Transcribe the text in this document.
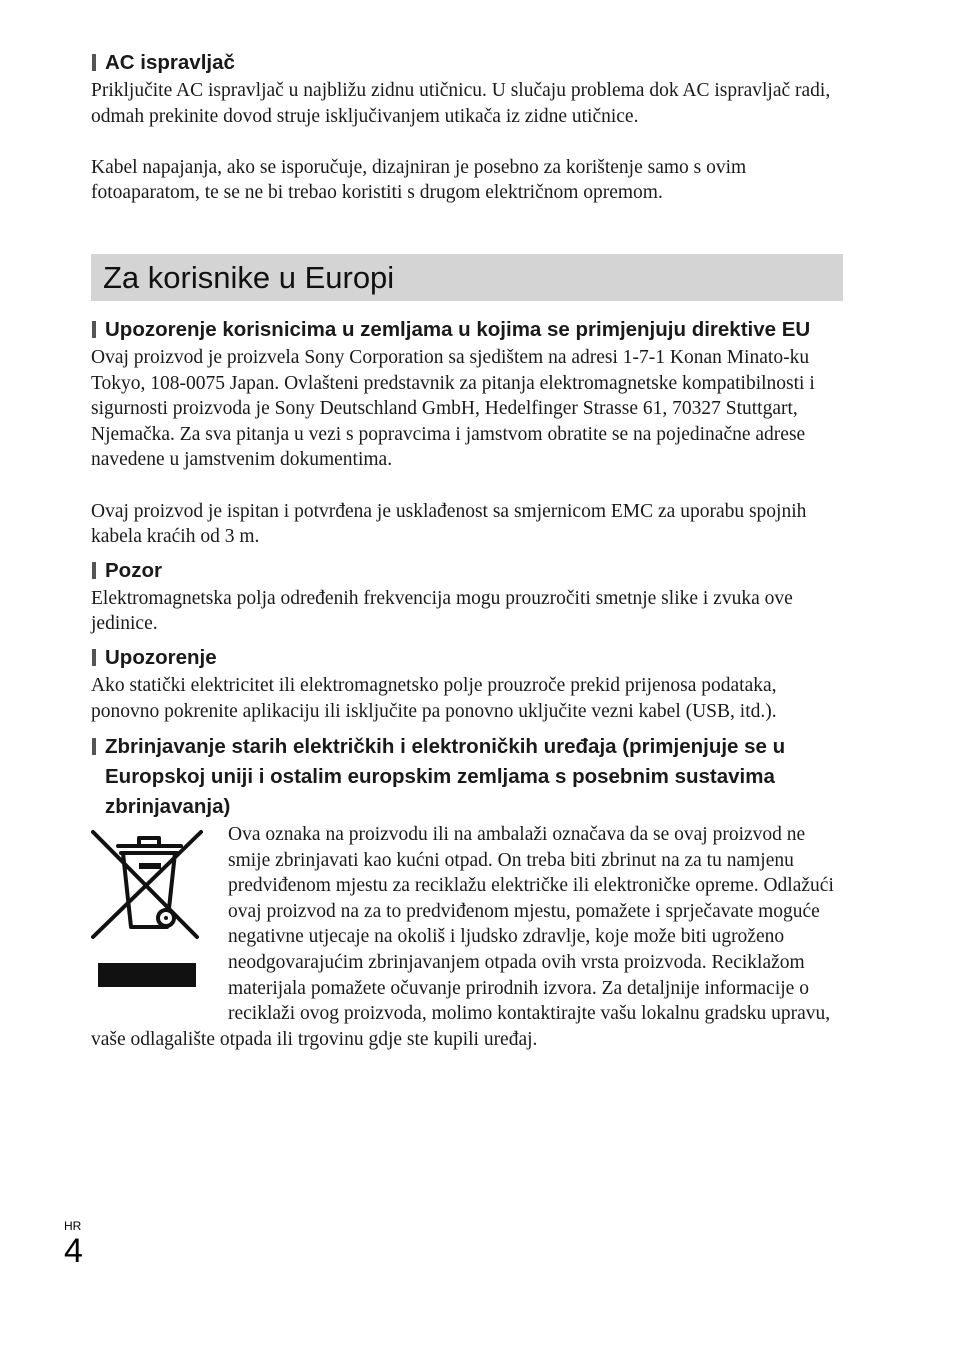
AC ispravljač

Priključite AC ispravljač u najbližu zidnu utičnicu. U slučaju problema dok AC ispravljač radi, odmah prekinite dovod struje isključivanjem utikača iz zidne utičnice.

Kabel napajanja, ako se isporučuje, dizajniran je posebno za korištenje samo s ovim fotoaparatom, te se ne bi trebao koristiti s drugom električnom opremom.

Za korisnike u Europi
Upozorenje korisnicima u zemljama u kojima se primjenjuju direktive EU

Ovaj proizvod je proizvela Sony Corporation sa sjedištem na adresi 1-7-1 Konan Minato-ku Tokyo, 108-0075 Japan. Ovlašteni predstavnik za pitanja elektromagnetske kompatibilnosti i sigurnosti proizvoda je Sony Deutschland GmbH, Hedelfinger Strasse 61, 70327 Stuttgart, Njemačka. Za sva pitanja u vezi s popravcima i jamstvom obratite se na pojedinačne adrese navedene u jamstvenim dokumentima.

Ovaj proizvod je ispitan i potvrđena je usklađenost sa smjernicom EMC za uporabu spojnih kabela kraćih od 3 m.

Pozor

Elektromagnetska polja određenih frekvencija mogu prouzročiti smetnje slike i zvuka ove jedinice.

Upozorenje

Ako statički elektricitet ili elektromagnetsko polje prouzroče prekid prijenosa podataka, ponovno pokrenite aplikaciju ili isključite pa ponovno uključite vezni kabel (USB, itd.).

Zbrinjavanje starih električkih i elektroničkih uređaja (primjenjuje se u Europskoj uniji i ostalim europskim zemljama s posebnim sustavima zbrinjavanja)

Ova oznaka na proizvodu ili na ambalaži označava da se ovaj proizvod ne smije zbrinjavati kao kućni otpad. On treba biti zbrinut na za tu namjenu predviđenom mjestu za reciklažu električke ili elektroničke opreme. Odlažući ovaj proizvod na za to predviđenom mjestu, pomažete i sprječavate moguće negativne utjecaje na okoliš i ljudsko zdravlje, koje može biti ugroženo neodgovarajućim zbrinjavanjem otpada ovih vrsta proizvoda. Reciklažom materijala pomažete očuvanje prirodnih izvora. Za detaljnije informacije o reciklaži ovog proizvoda, molimo kontaktirajte vašu lokalnu gradsku upravu, vaše odlagalište otpada ili trgovinu gdje ste kupili uređaj.

HR
4
